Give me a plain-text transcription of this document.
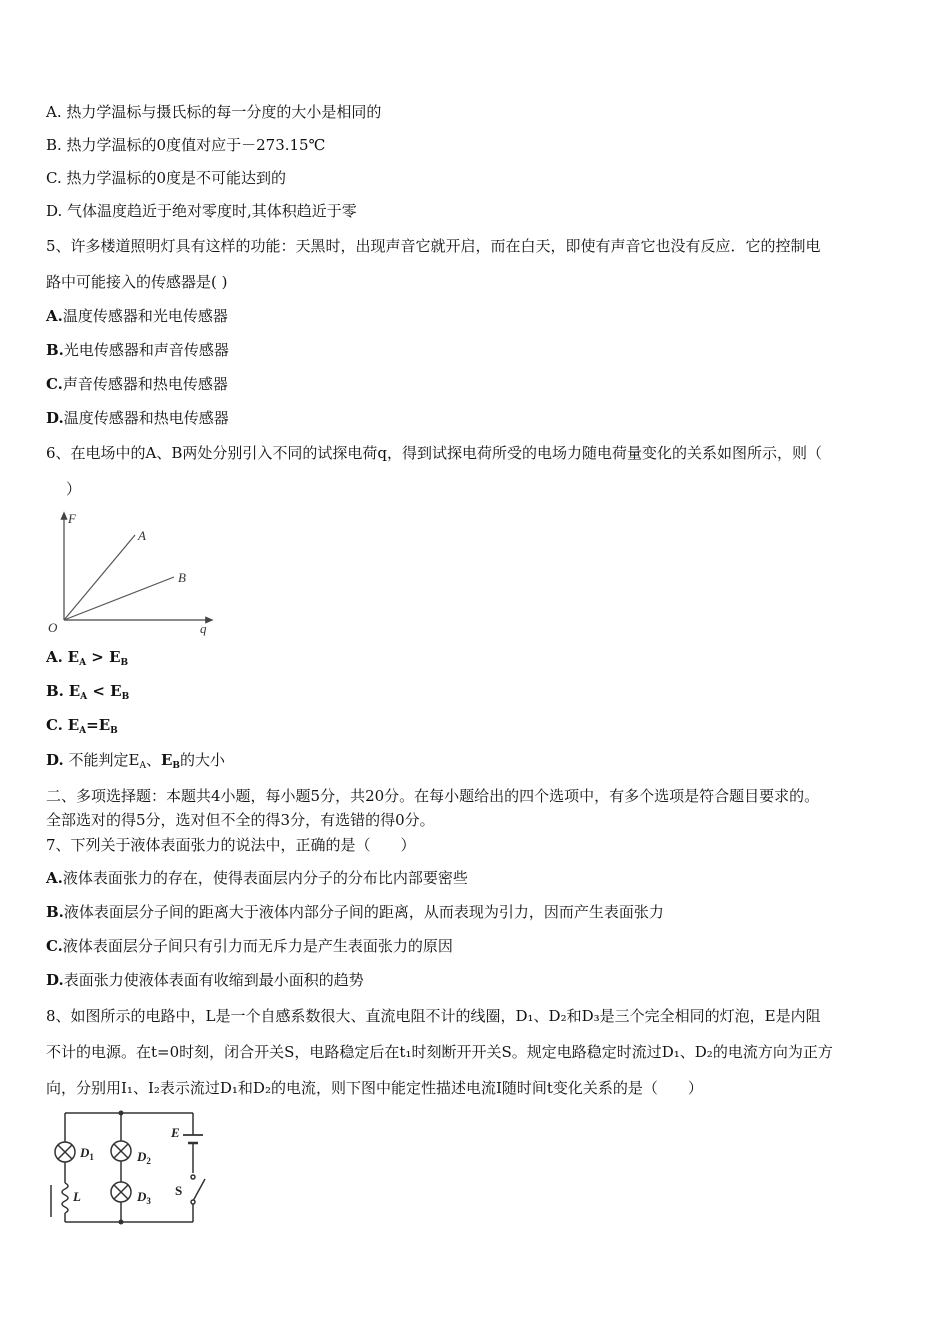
A. 热力学温标与摄氏标的每一分度的大小是相同的
B. 热力学温标的0度值对应于－273.15℃
C. 热力学温标的0度是不可能达到的
D. 气体温度趋近于绝对零度时,其体积趋近于零
5、许多楼道照明灯具有这样的功能：天黑时，出现声音它就开启，而在白天，即使有声音它也没有反应．它的控制电
路中可能接入的传感器是( )
A.温度传感器和光电传感器
B.光电传感器和声音传感器
C.声音传感器和热电传感器
D.温度传感器和热电传感器
6、在电场中的A、B两处分别引入不同的试探电荷q，得到试探电荷所受的电场力随电荷量变化的关系如图所示，则（
）
F
q
O
A
B
A. $E_A > E_B$
B. $E_A < E_B$
C. $E_A=E_B$
D. 不能判定$E_A$、$E_B$的大小
二、多项选择题：本题共4小题，每小题5分，共20分。在每小题给出的四个选项中，有多个选项是符合题目要求的。
全部选对的得5分，选对但不全的得3分，有选错的得0分。
7、下列关于液体表面张力的说法中，正确的是（　　）
A.液体表面张力的存在，使得表面层内分子的分布比内部要密些
B.液体表面层分子间的距离大于液体内部分子间的距离，从而表现为引力，因而产生表面张力
C.液体表面层分子间只有引力而无斥力是产生表面张力的原因
D.表面张力使液体表面有收缩到最小面积的趋势
8、如图所示的电路中，L是一个自感系数很大、直流电阻不计的线圈，D₁、D₂和D₃是三个完全相同的灯泡，E是内阻
不计的电源。在t=0时刻，闭合开关S，电路稳定后在t₁时刻断开开关S。规定电路稳定时流过D₁、D₂的电流方向为正方
向，分别用I₁、I₂表示流过D₁和D₂的电流，则下图中能定性描述电流I随时间t变化关系的是（　　）
E
S
L
$D_1$	$D_2$
$D_3$
